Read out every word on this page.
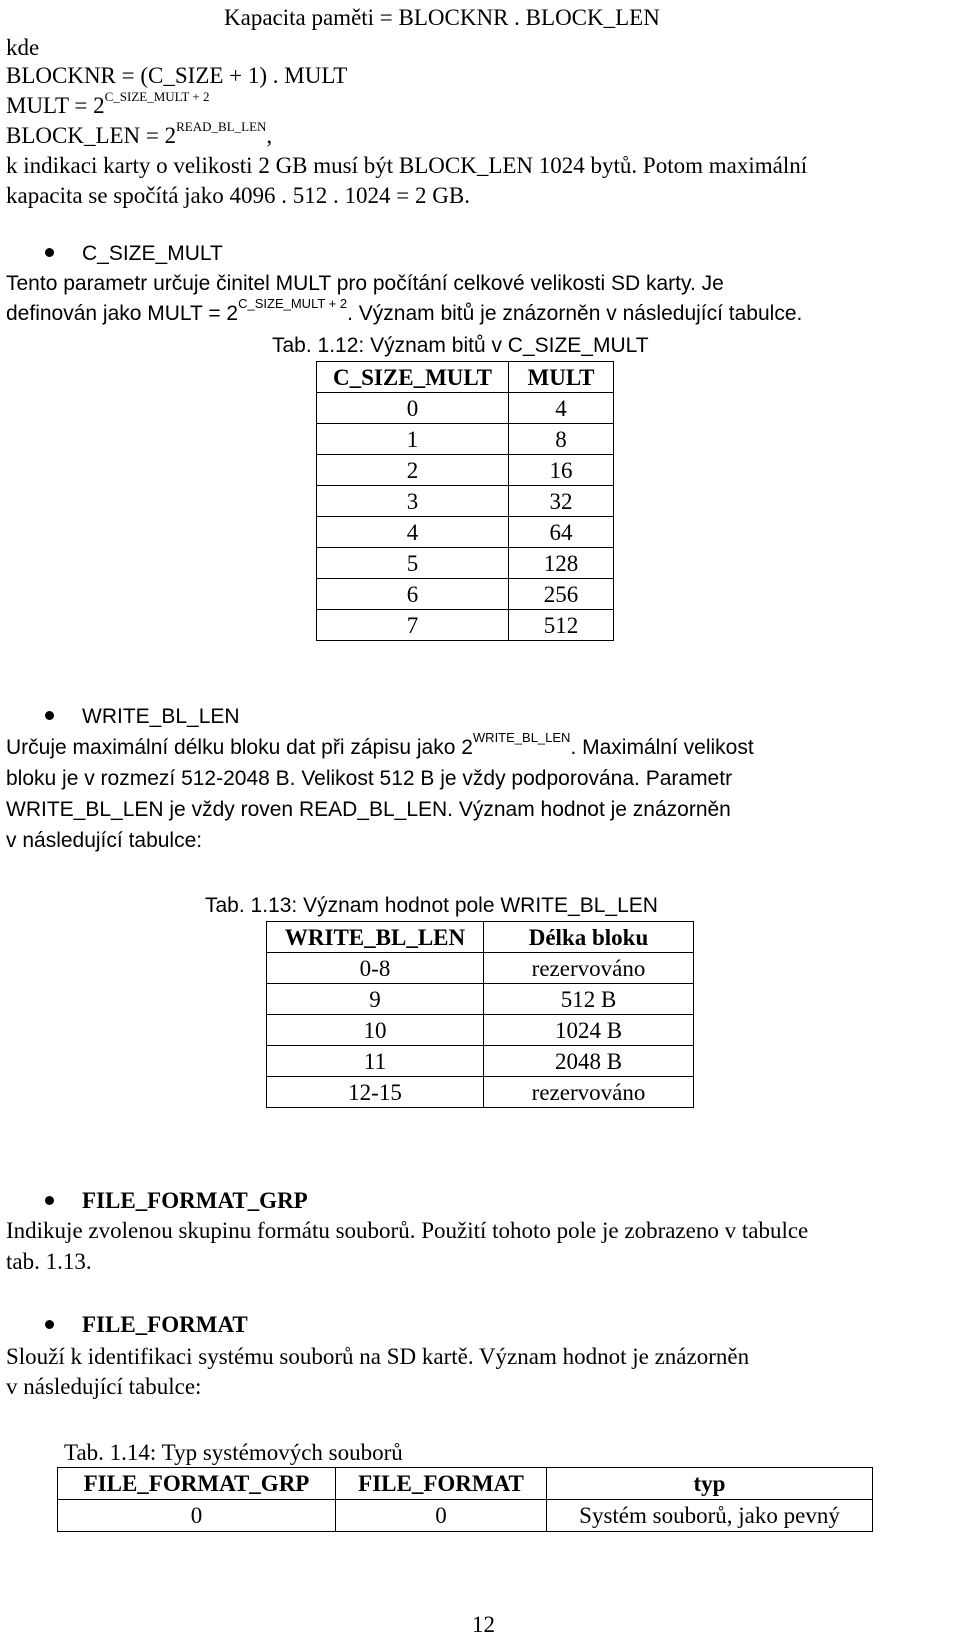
Kapacita paměti = BLOCKNR . BLOCK_LEN
kde
BLOCKNR = (C_SIZE + 1) . MULT
MULT = $2^{C\_SIZE\_MULT + 2}$
BLOCK_LEN = $2^{READ\_BL\_LEN}$,
k indikaci karty o velikosti 2 GB musí být BLOCK_LEN 1024 bytů. Potom maximální
kapacita se spočítá jako 4096 . 512 . 1024 = 2 GB.
C_SIZE_MULT
Tento parametr určuje činitel MULT pro počítání celkové velikosti SD karty. Je
definován jako MULT = $2^{C\_SIZE\_MULT + 2}$. Význam bitů je znázorněn v následující tabulce.
Tab. 1.12: Význam bitů v C_SIZE_MULT
C_SIZE_MULT	MULT
0	4
1	8
2	16
3	32
4	64
5	128
6	256
7	512
WRITE_BL_LEN
Určuje maximální délku bloku dat při zápisu jako $2^{WRITE\_BL\_LEN}$. Maximální velikost
bloku je v rozmezí 512-2048 B. Velikost 512 B je vždy podporována. Parametr
WRITE_BL_LEN je vždy roven READ_BL_LEN. Význam hodnot je znázorněn
v následující tabulce:
Tab. 1.13: Význam hodnot pole WRITE_BL_LEN
WRITE_BL_LEN	Délka bloku
0-8	rezervováno
9	512 B
10	1024 B
11	2048 B
12-15	rezervováno
FILE_FORMAT_GRP
Indikuje zvolenou skupinu formátu souborů. Použití tohoto pole je zobrazeno v tabulce
tab. 1.13.
FILE_FORMAT
Slouží k identifikaci systému souborů na SD kartě. Význam hodnot je znázorněn
v následující tabulce:
Tab. 1.14: Typ systémových souborů
FILE_FORMAT_GRP	FILE_FORMAT	typ
0	0	Systém souborů, jako pevný
12
